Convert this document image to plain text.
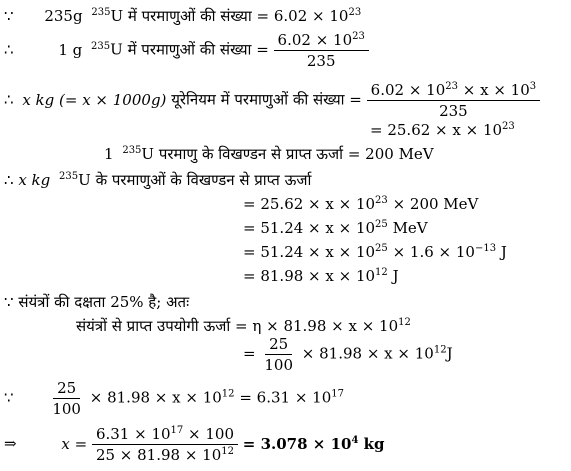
∵ 235g $^{235}$U में परमाणुओं की संख्या = $6.02 \times 10^{23}$
∴	1 g $^{235}$U में परमाणुओं की संख्या = $\frac{6.02 \times 10^{23}}{235}$
∴ x kg (= x × 1000g) यूरेनियम में परमाणुओं की संख्या = $\frac{6.02 \times 10^{23} \times x \times 10^3}{235}$
= $25.62 \times x \times 10^{23}$
1 $^{235}$U परमाणु के विखण्डन से प्राप्त ऊर्जा = 200 MeV
∴ x kg $^{235}$U के परमाणुओं के विखण्डन से प्राप्त ऊर्जा
= $25.62 \times x \times 10^{23} \times 200$ MeV
= $51.24 \times x \times 10^{25}$ MeV
= $51.24 \times x \times 10^{25} \times 1.6 \times 10^{-13}$ J
= $81.98 \times x \times 10^{12}$ J
∵ संयंत्रों की दक्षता 25% है; अतः
संयंत्रों से प्राप्त उपयोगी ऊर्जा = $\eta \times 81.98 \times x \times 10^{12}$
= $\frac{25}{100} \times 81.98 \times x \times 10^{12}J$
∵ $\frac{25}{100} \times 81.98 \times x \times 10^{12} = 6.31 \times 10^{17}$
⇒	$x = \frac{6.31 \times 10^{17} \times 100}{25 \times 81.98 \times 10^{12}} = 3.078 \times 10^4$ kg
